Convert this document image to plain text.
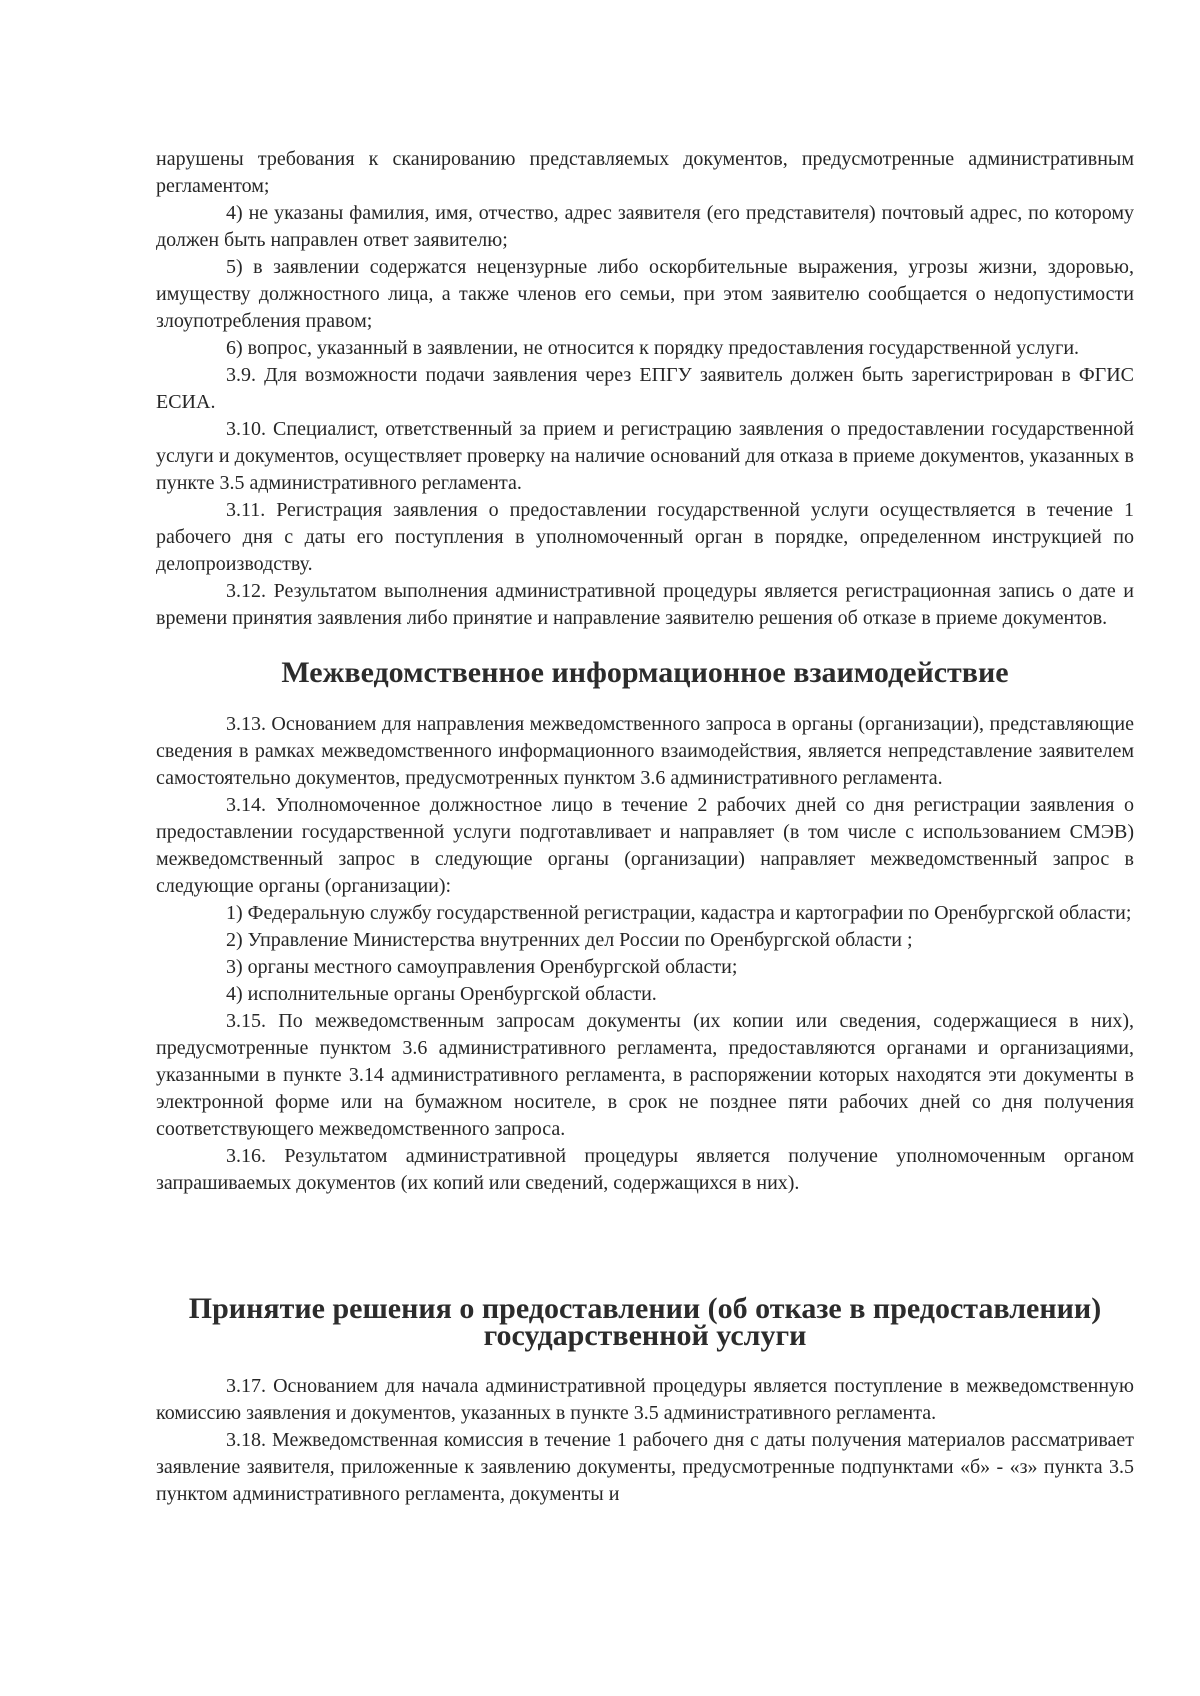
нарушены требования к сканированию представляемых документов, предусмотренные административным регламентом;

4) не указаны фамилия, имя, отчество, адрес заявителя (его представителя) почтовый адрес, по которому должен быть направлен ответ заявителю;

5) в заявлении содержатся нецензурные либо оскорбительные выражения, угрозы жизни, здоровью, имуществу должностного лица, а также членов его семьи, при этом заявителю сообщается о недопустимости злоупотребления правом;

6) вопрос, указанный в заявлении, не относится к порядку предоставления государственной услуги.

3.9. Для возможности подачи заявления через ЕПГУ заявитель должен быть зарегистрирован в ФГИС ЕСИА.

3.10. Специалист, ответственный за прием и регистрацию заявления о предоставлении государственной услуги и документов, осуществляет проверку на наличие оснований для отказа в приеме документов, указанных в пункте 3.5 административного регламента.

3.11. Регистрация заявления о предоставлении государственной услуги осуществляется в течение 1 рабочего дня с даты его поступления в уполномоченный орган в порядке, определенном инструкцией по делопроизводству.

3.12. Результатом выполнения административной процедуры является регистрационная запись о дате и времени принятия заявления либо принятие и направление заявителю решения об отказе в приеме документов.

Межведомственное информационное взаимодействие

3.13. Основанием для направления межведомственного запроса в органы (организации), представляющие сведения в рамках межведомственного информационного взаимодействия, является непредставление заявителем самостоятельно документов, предусмотренных пунктом 3.6 административного регламента.

3.14. Уполномоченное должностное лицо в течение 2 рабочих дней со дня регистрации заявления о предоставлении государственной услуги подготавливает и направляет (в том числе с использованием СМЭВ) межведомственный запрос в следующие органы (организации) направляет межведомственный запрос в следующие органы (организации):

1) Федеральную службу государственной регистрации, кадастра и картографии по Оренбургской области;

2) Управление Министерства внутренних дел России по Оренбургской области ;

3) органы местного самоуправления Оренбургской области;

4) исполнительные органы Оренбургской области.

3.15. По межведомственным запросам документы (их копии или сведения, содержащиеся в них), предусмотренные пунктом 3.6 административного регламента, предоставляются органами и организациями, указанными в пункте 3.14 административного регламента, в распоряжении которых находятся эти документы в электронной форме или на бумажном носителе, в срок не позднее пяти рабочих дней со дня получения соответствующего межведомственного запроса.

3.16. Результатом административной процедуры является получение уполномоченным органом запрашиваемых документов (их копий или сведений, содержащихся в них).

Принятие решения о предоставлении (об отказе в предоставлении)
государственной услуги

3.17. Основанием для начала административной процедуры является поступление в межведомственную комиссию заявления и документов, указанных в пункте 3.5 административного регламента.

3.18. Межведомственная комиссия в течение 1 рабочего дня с даты получения материалов рассматривает заявление заявителя, приложенные к заявлению документы, предусмотренные подпунктами «б» - «з» пункта 3.5 пунктом административного регламента, документы и
